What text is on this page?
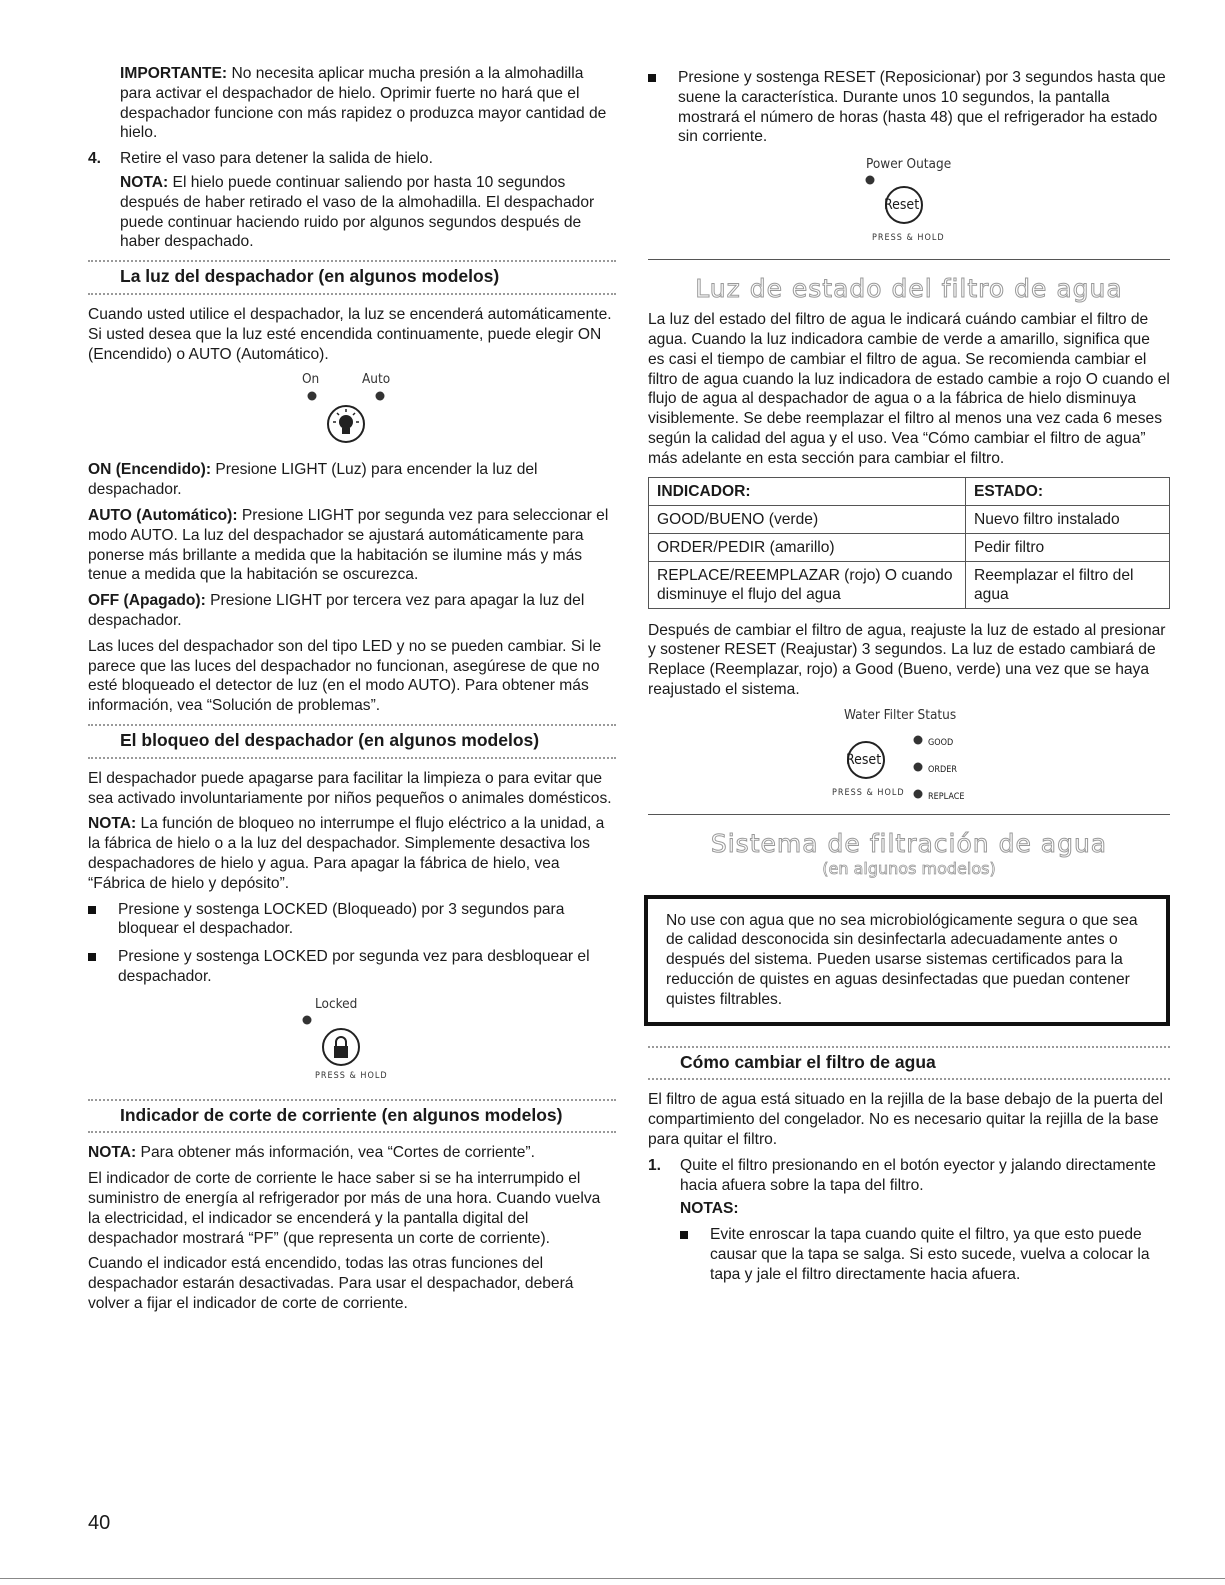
IMPORTANTE: No necesita aplicar mucha presión a la almohadilla para activar el despachador de hielo. Oprimir fuerte no hará que el despachador funcione con más rapidez o produzca mayor cantidad de hielo.

4.	Retire el vaso para detener la salida de hielo.

NOTA: El hielo puede continuar saliendo por hasta 10 segundos después de haber retirado el vaso de la almohadilla. El despachador puede continuar haciendo ruido por algunos segundos después de haber despachado.

La luz del despachador (en algunos modelos)

Cuando usted utilice el despachador, la luz se encenderá automáticamente. Si usted desea que la luz esté encendida continuamente, puede elegir ON (Encendido) o AUTO (Automático).

On	Auto

ON (Encendido): Presione LIGHT (Luz) para encender la luz del despachador.

AUTO (Automático): Presione LIGHT por segunda vez para seleccionar el modo AUTO. La luz del despachador se ajustará automáticamente para ponerse más brillante a medida que la habitación se ilumine más y más tenue a medida que la habitación se oscurezca.

OFF (Apagado): Presione LIGHT por tercera vez para apagar la luz del despachador.

Las luces del despachador son del tipo LED y no se pueden cambiar. Si le parece que las luces del despachador no funcionan, asegúrese de que no esté bloqueado el detector de luz (en el modo AUTO). Para obtener más información, vea “Solución de problemas”.

El bloqueo del despachador (en algunos modelos)

El despachador puede apagarse para facilitar la limpieza o para evitar que sea activado involuntariamente por niños pequeños o animales domésticos.

NOTA: La función de bloqueo no interrumpe el flujo eléctrico a la unidad, a la fábrica de hielo o a la luz del despachador. Simplemente desactiva los despachadores de hielo y agua. Para apagar la fábrica de hielo, vea “Fábrica de hielo y depósito”.

Presione y sostenga LOCKED (Bloqueado) por 3 segundos para bloquear el despachador.
Presione y sostenga LOCKED por segunda vez para desbloquear el despachador.
Locked
PRESS & HOLD
Indicador de corte de corriente (en algunos modelos)

NOTA: Para obtener más información, vea “Cortes de corriente”.

El indicador de corte de corriente le hace saber si se ha interrumpido el suministro de energía al refrigerador por más de una hora. Cuando vuelva la electricidad, el indicador se encenderá y la pantalla digital del despachador mostrará “PF” (que representa un corte de corriente).

Cuando el indicador está encendido, todas las otras funciones del despachador estarán desactivadas. Para usar el despachador, deberá volver a fijar el indicador de corte de corriente.

Presione y sostenga RESET (Reposicionar) por 3 segundos hasta que suene la característica. Durante unos 10 segundos, la pantalla mostrará el número de horas (hasta 48) que el refrigerador ha estado sin corriente.
Power Outage
Reset
PRESS & HOLD
Luz de estado del filtro de agua

La luz del estado del filtro de agua le indicará cuándo cambiar el filtro de agua. Cuando la luz indicadora cambie de verde a amarillo, significa que es casi el tiempo de cambiar el filtro de agua. Se recomienda cambiar el filtro de agua cuando la luz indicadora de estado cambie a rojo O cuando el flujo de agua al despachador de agua o a la fábrica de hielo disminuya visiblemente. Se debe reemplazar el filtro al menos una vez cada 6 meses según la calidad del agua y el uso. Vea “Cómo cambiar el filtro de agua” más adelante en esta sección para cambiar el filtro.

INDICADOR:	ESTADO:
GOOD/BUENO (verde)	Nuevo filtro instalado
ORDER/PEDIR (amarillo)	Pedir filtro
REPLACE/REEMPLAZAR (rojo) O cuando disminuye el flujo del agua	Reemplazar el filtro del agua

Después de cambiar el filtro de agua, reajuste la luz de estado al presionar y sostener RESET (Reajustar) 3 segundos. La luz de estado cambiará de Replace (Reemplazar, rojo) a Good (Bueno, verde) una vez que se haya reajustado el sistema.

Water Filter Status
Reset
GOOD
ORDER
REPLACE
PRESS & HOLD
Sistema de filtración de agua
(en algunos modelos)
No use con agua que no sea microbiológicamente segura o que sea de calidad desconocida sin desinfectarla adecuadamente antes o después del sistema. Pueden usarse sistemas certificados para la reducción de quistes en aguas desinfectadas que puedan contener quistes filtrables.
Cómo cambiar el filtro de agua

El filtro de agua está situado en la rejilla de la base debajo de la puerta del compartimiento del congelador. No es necesario quitar la rejilla de la base para quitar el filtro.

1.	Quite el filtro presionando en el botón eyector y jalando directamente hacia afuera sobre la tapa del filtro.

NOTAS:

Evite enroscar la tapa cuando quite el filtro, ya que esto puede causar que la tapa se salga. Si esto sucede, vuelva a colocar la tapa y jale el filtro directamente hacia afuera.
40
